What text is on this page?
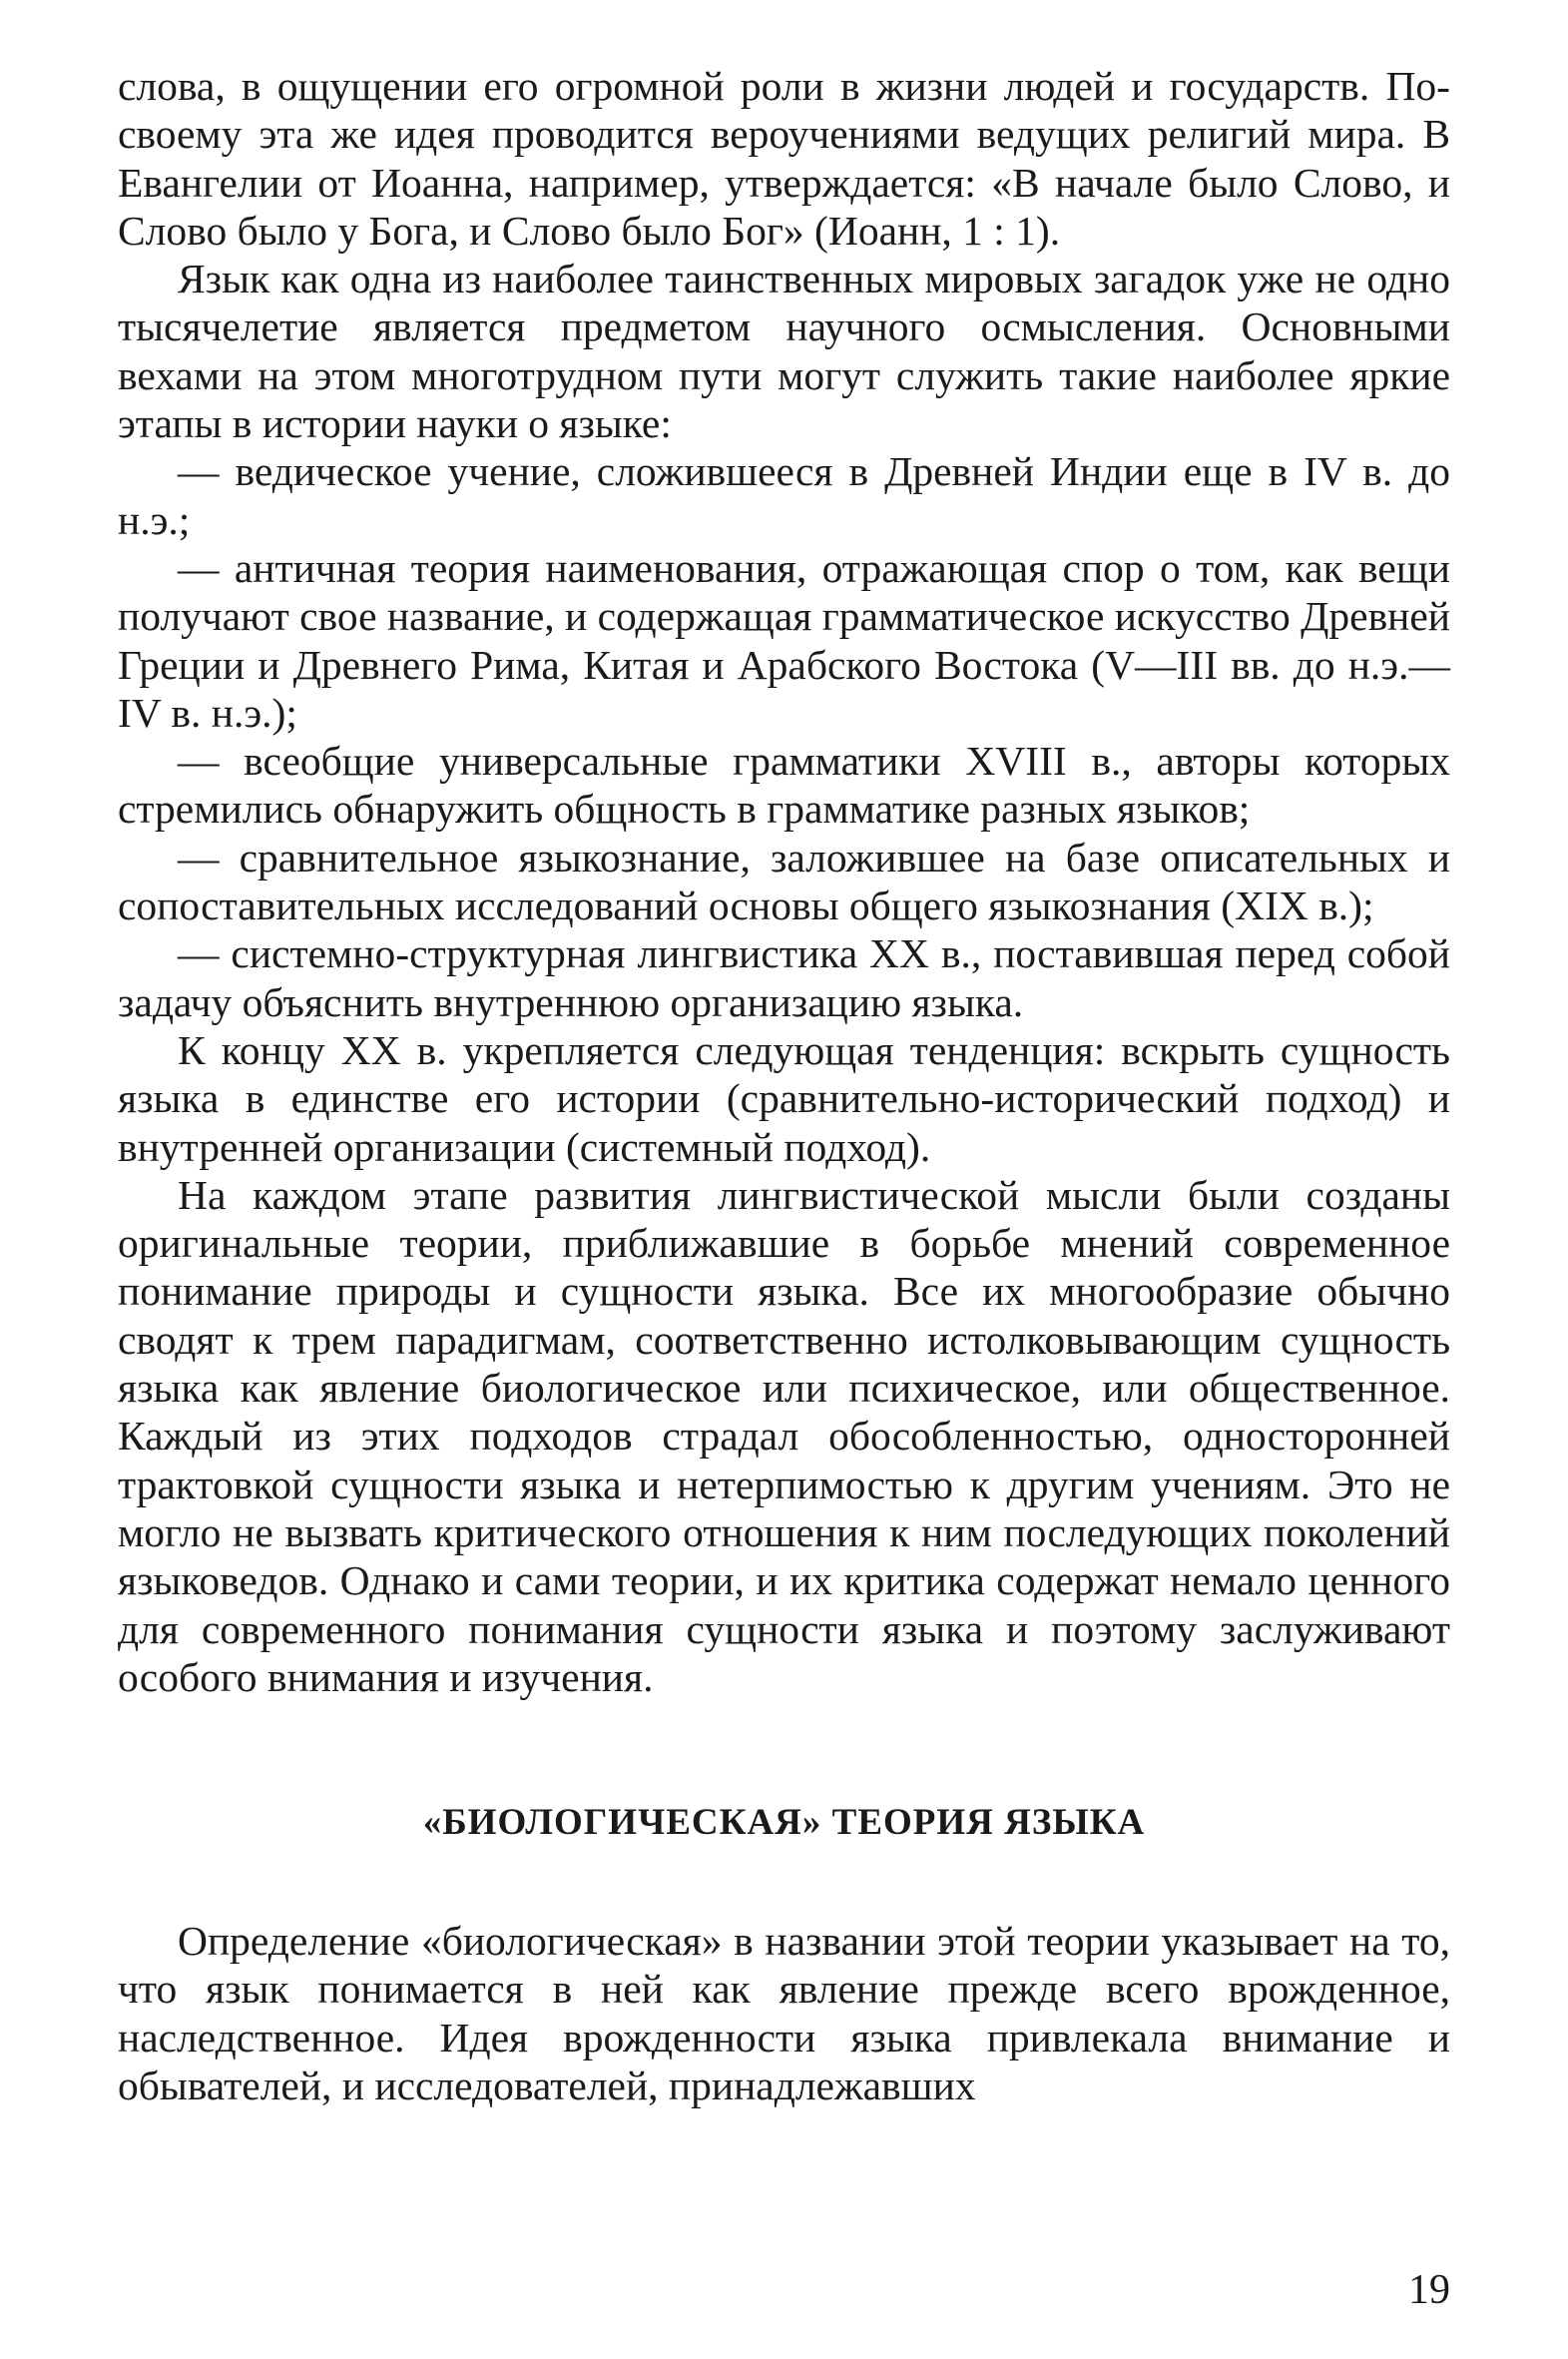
слова, в ощущении его огромной роли в жизни людей и государств. По-своему эта же идея проводится вероучениями ведущих религий мира. В Евангелии от Иоанна, например, утверждается: «В начале было Слово, и Слово было у Бога, и Слово было Бог» (Иоанн, 1 : 1).

Язык как одна из наиболее таинственных мировых загадок уже не одно тысячелетие является предметом научного осмысления. Основными вехами на этом многотрудном пути могут служить такие наиболее яркие этапы в истории науки о языке:

— ведическое учение, сложившееся в Древней Индии еще в IV в. до н.э.;

— античная теория наименования, отражающая спор о том, как вещи получают свое название, и содержащая грамматическое искусство Древней Греции и Древнего Рима, Китая и Арабского Востока (V—III вв. до н.э.—IV в. н.э.);

— всеобщие универсальные грамматики XVIII в., авторы которых стремились обнаружить общность в грамматике разных языков;

— сравнительное языкознание, заложившее на базе описательных и сопоставительных исследований основы общего языкознания (XIX в.);

— системно-структурная лингвистика XX в., поставившая перед собой задачу объяснить внутреннюю организацию языка.

К концу XX в. укрепляется следующая тенденция: вскрыть сущность языка в единстве его истории (сравнительно-исторический подход) и внутренней организации (системный подход).

На каждом этапе развития лингвистической мысли были созданы оригинальные теории, приближавшие в борьбе мнений современное понимание природы и сущности языка. Все их многообразие обычно сводят к трем парадигмам, соответственно истолковывающим сущность языка как явление биологическое или психическое, или общественное. Каждый из этих подходов страдал обособленностью, односторонней трактовкой сущности языка и нетерпимостью к другим учениям. Это не могло не вызвать критического отношения к ним последующих поколений языковедов. Однако и сами теории, и их критика содержат немало ценного для современного понимания сущности языка и поэтому заслуживают особого внимания и изучения.

«БИОЛОГИЧЕСКАЯ» ТЕОРИЯ ЯЗЫКА

Определение «биологическая» в названии этой теории указывает на то, что язык понимается в ней как явление прежде всего врожденное, наследственное. Идея врожденности языка привлекала внимание и обывателей, и исследователей, принадлежавших

19
